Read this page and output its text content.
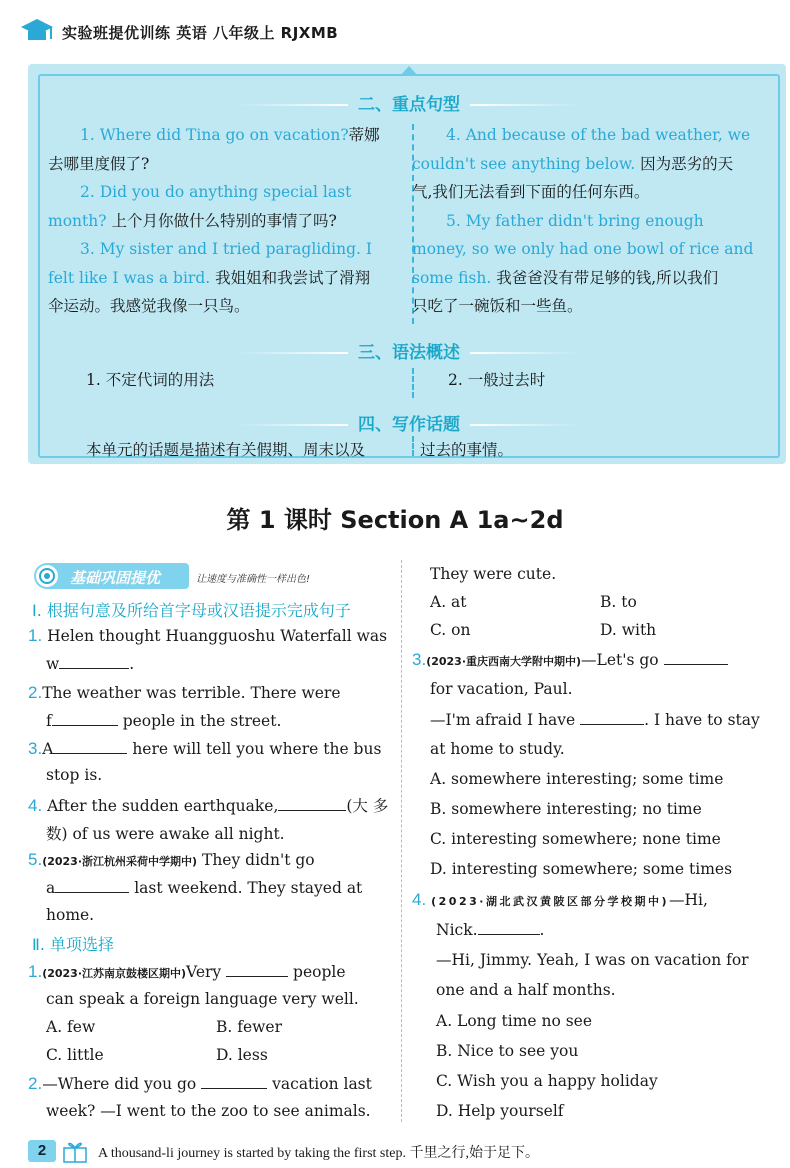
实验班提优训练 英语 八年级上 RJXMB
二、重点句型
1. Where did Tina go on vacation?蒂娜
去哪里度假了?
2. Did you do anything special last
month? 上个月你做什么特别的事情了吗?
3. My sister and I tried paragliding. I
felt like I was a bird. 我姐姐和我尝试了滑翔
伞运动。我感觉我像一只鸟。
4. And because of the bad weather, we
couldn't see anything below. 因为恶劣的天
气,我们无法看到下面的任何东西。
5. My father didn't bring enough
money, so we only had one bowl of rice and
some fish. 我爸爸没有带足够的钱,所以我们
只吃了一碗饭和一些鱼。
三、语法概述
1. 不定代词的用法	2. 一般过去时
四、写作话题
本单元的话题是描述有关假期、周末以及	过去的事情。
第 1 课时 Section A 1a~2d
基础巩固提优	让速度与准确性一样出色!
Ⅰ. 根据句意及所给首字母或汉语提示完成句子
1. Helen thought Huangguoshu Waterfall was
w	.
2.The weather was terrible. There were
f	people in the street.
3.A	here will tell you where the bus
stop is.
4. After the sudden earthquake,	(大 多
数) of us were awake all night.
5.(2023·浙江杭州采荷中学期中) They didn't go
a	last weekend. They stayed at
home.
Ⅱ. 单项选择
1.(2023·江苏南京鼓楼区期中)Very	people
can speak a foreign language very well.
A. few	B. fewer
C. little	D. less
2.—Where did you go	vacation last
week? —I went to the zoo to see animals.
They were cute.
A. at	B. to
C. on	D. with
3.(2023·重庆西南大学附中期中)—Let's go
for vacation, Paul.
—I'm afraid I have	. I have to stay
at home to study.
A. somewhere interesting; some time
B. somewhere interesting; no time
C. interesting somewhere; none time
D. interesting somewhere; some times
4. (2023·湖北武汉黄陂区部分学校期中)—Hi,
Nick.	.
—Hi, Jimmy. Yeah, I was on vacation for
one and a half months.
A. Long time no see
B. Nice to see you
C. Wish you a happy holiday
D. Help yourself
2	A thousand-li journey is started by taking the first step. 千里之行,始于足下。
